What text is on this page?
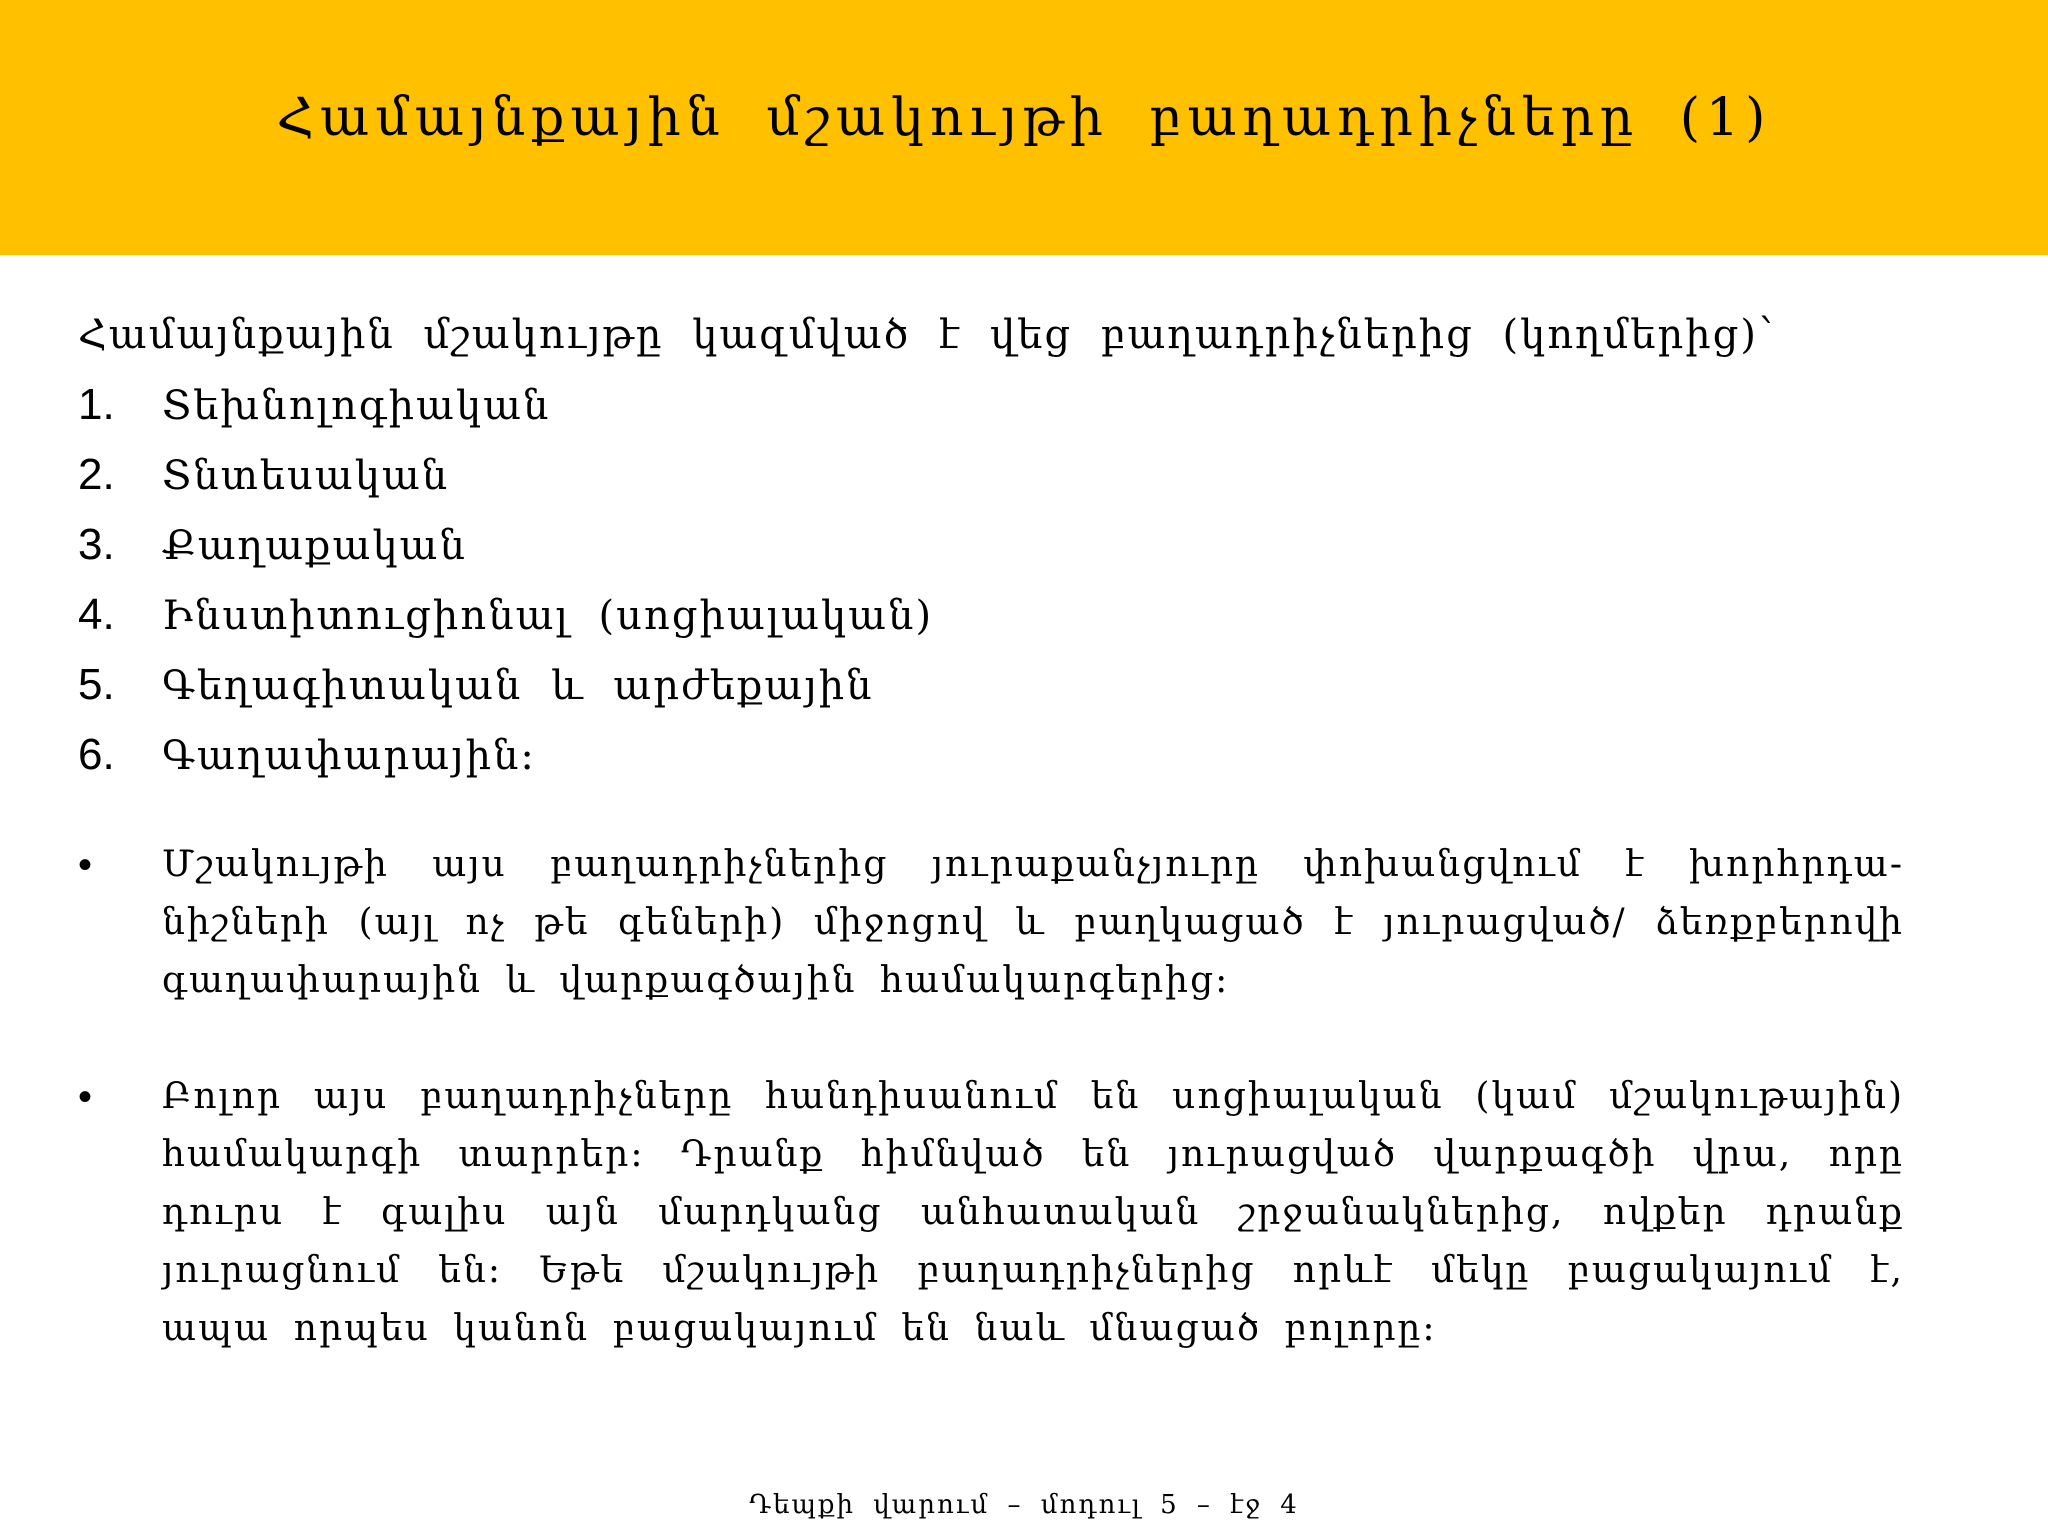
Համայնքային մշակույթի բաղադրիչները (1)

Համայնքային մշակույթը կազմված է վեց բաղադրիչներից (կողմերից)՝

1.	Տեխնոլոգիական
2.	Տնտեսական
3.	Քաղաքական
4.	Ինստիտուցիոնալ (սոցիալական)
5.	Գեղագիտական և արժեքային
6.	Գաղափարային:
•	Մշակույթի այս բաղադրիչներից յուրաքանչյուրը փոխանցվում է խորհրդա- նիշների (այլ ոչ թե գեների) միջոցով և բաղկացած է յուրացված/ ձեռքբերովի գաղափարային և վարքագծային համակարգերից:

•	Բոլոր այս բաղադրիչները հանդիսանում են սոցիալական (կամ մշակութային) համակարգի տարրեր: Դրանք հիմնված են յուրացված վարքագծի վրա, որը դուրս է գալիս այն մարդկանց անհատական շրջանակներից, ովքեր դրանք յուրացնում են: Եթե մշակույթի բաղադրիչներից որևէ մեկը բացակայում է, ապա որպես կանոն բացակայում են նաև մնացած բոլորը:

Դեպքի վարում – մոդուլ 5 – էջ 4
